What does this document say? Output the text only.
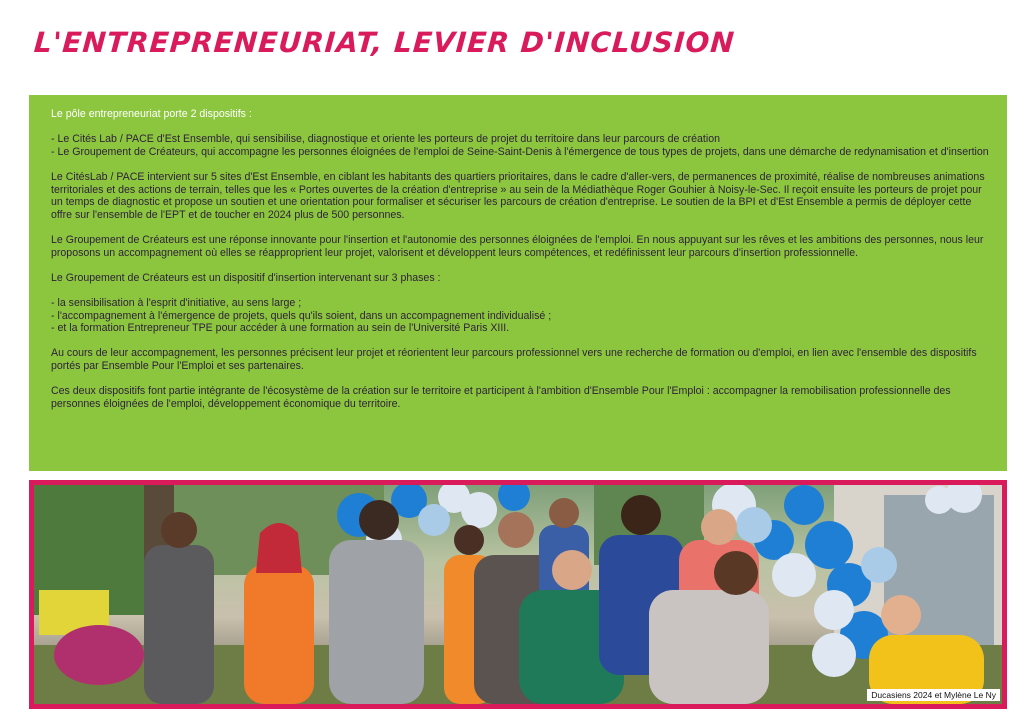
L'ENTREPRENEURIAT, LEVIER D'INCLUSION

Le pôle entrepreneuriat porte 2 dispositifs :

- Le Cités Lab / PACE d'Est Ensemble, qui sensibilise, diagnostique et oriente les porteurs de projet du territoire dans leur parcours de création
- Le Groupement de Créateurs, qui accompagne les personnes éloignées de l'emploi de Seine-Saint-Denis à l'émergence de tous types de projets, dans une démarche de redynamisation et d'insertion

Le CitésLab / PACE intervient sur 5 sites d'Est Ensemble, en ciblant les habitants des quartiers prioritaires, dans le cadre d'aller-vers, de permanences de proximité, réalise de nombreuses animations territoriales et des actions de terrain, telles que les « Portes ouvertes de la création d'entreprise » au sein de la Médiathèque Roger Gouhier à Noisy-le-Sec. Il reçoit ensuite les porteurs de projet pour un temps de diagnostic et propose un soutien et une orientation pour formaliser et sécuriser les parcours de création d'entreprise. Le soutien de la BPI et d'Est Ensemble a permis de déployer cette offre sur l'ensemble de l'EPT et de toucher en 2024 plus de 500 personnes.

Le Groupement de Créateurs est une réponse innovante pour l'insertion et l'autonomie des personnes éloignées de l'emploi. En nous appuyant sur les rêves et les ambitions des personnes, nous leur proposons un accompagnement où elles se réapproprient leur projet, valorisent et développent leurs compétences, et redéfinissent leur parcours d'insertion professionnelle.

Le Groupement de Créateurs est un dispositif d'insertion intervenant sur 3 phases :

- la sensibilisation à l'esprit d'initiative, au sens large ;
- l'accompagnement à l'émergence de projets, quels qu'ils soient, dans un accompagnement individualisé ;
- et la formation Entrepreneur TPE pour accéder à une formation au sein de l'Université Paris XIII.

Au cours de leur accompagnement, les personnes précisent leur projet et réorientent leur parcours professionnel vers une recherche de formation ou d'emploi, en lien avec l'ensemble des dispositifs portés par Ensemble Pour l'Emploi et ses partenaires.

Ces deux dispositifs font partie intégrante de l'écosystème de la création sur le territoire et participent à l'ambition d'Ensemble Pour l'Emploi : accompagner la remobilisation professionnelle des personnes éloignées de l'emploi, développement économique du territoire.

Ducasiens 2024 et Mylène Le Ny
